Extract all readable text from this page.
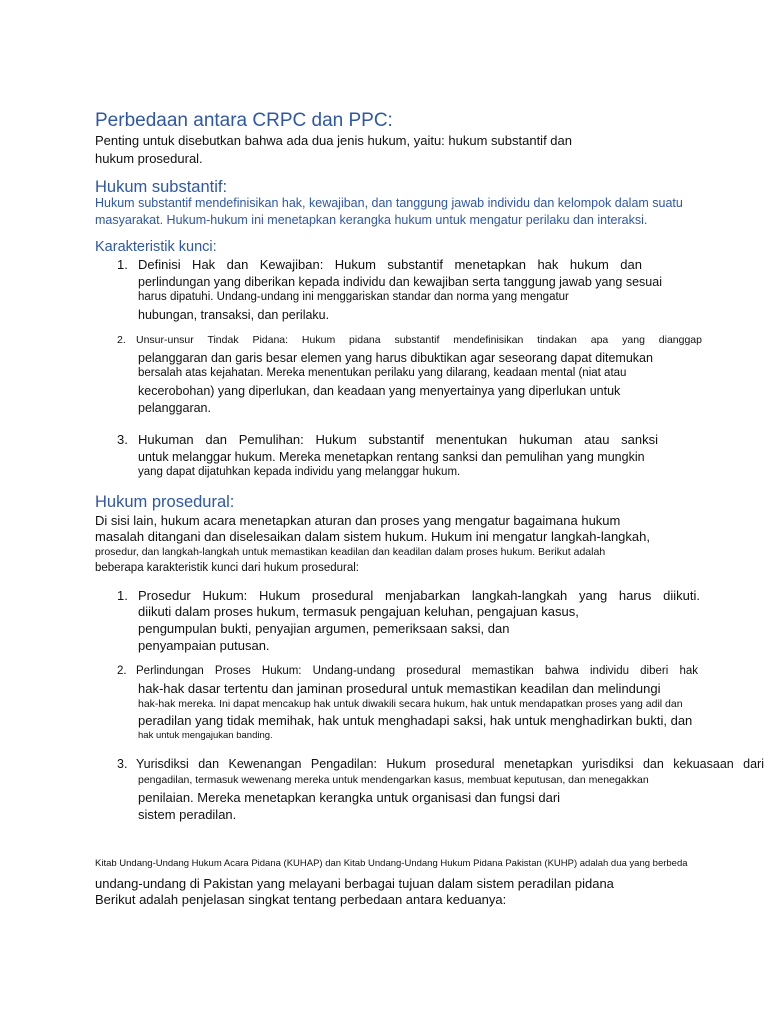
Perbedaan antara CRPC dan PPC:
Penting untuk disebutkan bahwa ada dua jenis hukum, yaitu: hukum substantif dan
hukum prosedural.
Hukum substantif:
Hukum substantif mendefinisikan hak, kewajiban, dan tanggung jawab individu dan kelompok dalam suatu
masyarakat. Hukum-hukum ini menetapkan kerangka hukum untuk mengatur perilaku dan interaksi.
Karakteristik kunci:
1. Definisi Hak dan Kewajiban: Hukum substantif menetapkan hak hukum dan
perlindungan yang diberikan kepada individu dan kewajiban serta tanggung jawab yang sesuai
harus dipatuhi. Undang-undang ini menggariskan standar dan norma yang mengatur
hubungan, transaksi, dan perilaku.
2. Unsur-unsur Tindak Pidana: Hukum pidana substantif mendefinisikan tindakan apa yang dianggap
pelanggaran dan garis besar elemen yang harus dibuktikan agar seseorang dapat ditemukan
bersalah atas kejahatan. Mereka menentukan perilaku yang dilarang, keadaan mental (niat atau
kecerobohan) yang diperlukan, dan keadaan yang menyertainya yang diperlukan untuk
pelanggaran.
3. Hukuman dan Pemulihan: Hukum substantif menentukan hukuman atau sanksi
untuk melanggar hukum. Mereka menetapkan rentang sanksi dan pemulihan yang mungkin
yang dapat dijatuhkan kepada individu yang melanggar hukum.
Hukum prosedural:
Di sisi lain, hukum acara menetapkan aturan dan proses yang mengatur bagaimana hukum
masalah ditangani dan diselesaikan dalam sistem hukum. Hukum ini mengatur langkah-langkah,
prosedur, dan langkah-langkah untuk memastikan keadilan dan keadilan dalam proses hukum. Berikut adalah
beberapa karakteristik kunci dari hukum prosedural:
1. Prosedur Hukum: Hukum prosedural menjabarkan langkah-langkah yang harus diikuti.
diikuti dalam proses hukum, termasuk pengajuan keluhan, pengajuan kasus,
pengumpulan bukti, penyajian argumen, pemeriksaan saksi, dan
penyampaian putusan.
2. Perlindungan Proses Hukum: Undang-undang prosedural memastikan bahwa individu diberi hak
hak-hak dasar tertentu dan jaminan prosedural untuk memastikan keadilan dan melindungi
hak-hak mereka. Ini dapat mencakup hak untuk diwakili secara hukum, hak untuk mendapatkan proses yang adil dan
peradilan yang tidak memihak, hak untuk menghadapi saksi, hak untuk menghadirkan bukti, dan
hak untuk mengajukan banding.
3. Yurisdiksi dan Kewenangan Pengadilan: Hukum prosedural menetapkan yurisdiksi dan kekuasaan dari
pengadilan, termasuk wewenang mereka untuk mendengarkan kasus, membuat keputusan, dan menegakkan
penilaian. Mereka menetapkan kerangka untuk organisasi dan fungsi dari
sistem peradilan.
Kitab Undang-Undang Hukum Acara Pidana (KUHAP) dan Kitab Undang-Undang Hukum Pidana Pakistan (KUHP) adalah dua yang berbeda
undang-undang di Pakistan yang melayani berbagai tujuan dalam sistem peradilan pidana
Berikut adalah penjelasan singkat tentang perbedaan antara keduanya:
